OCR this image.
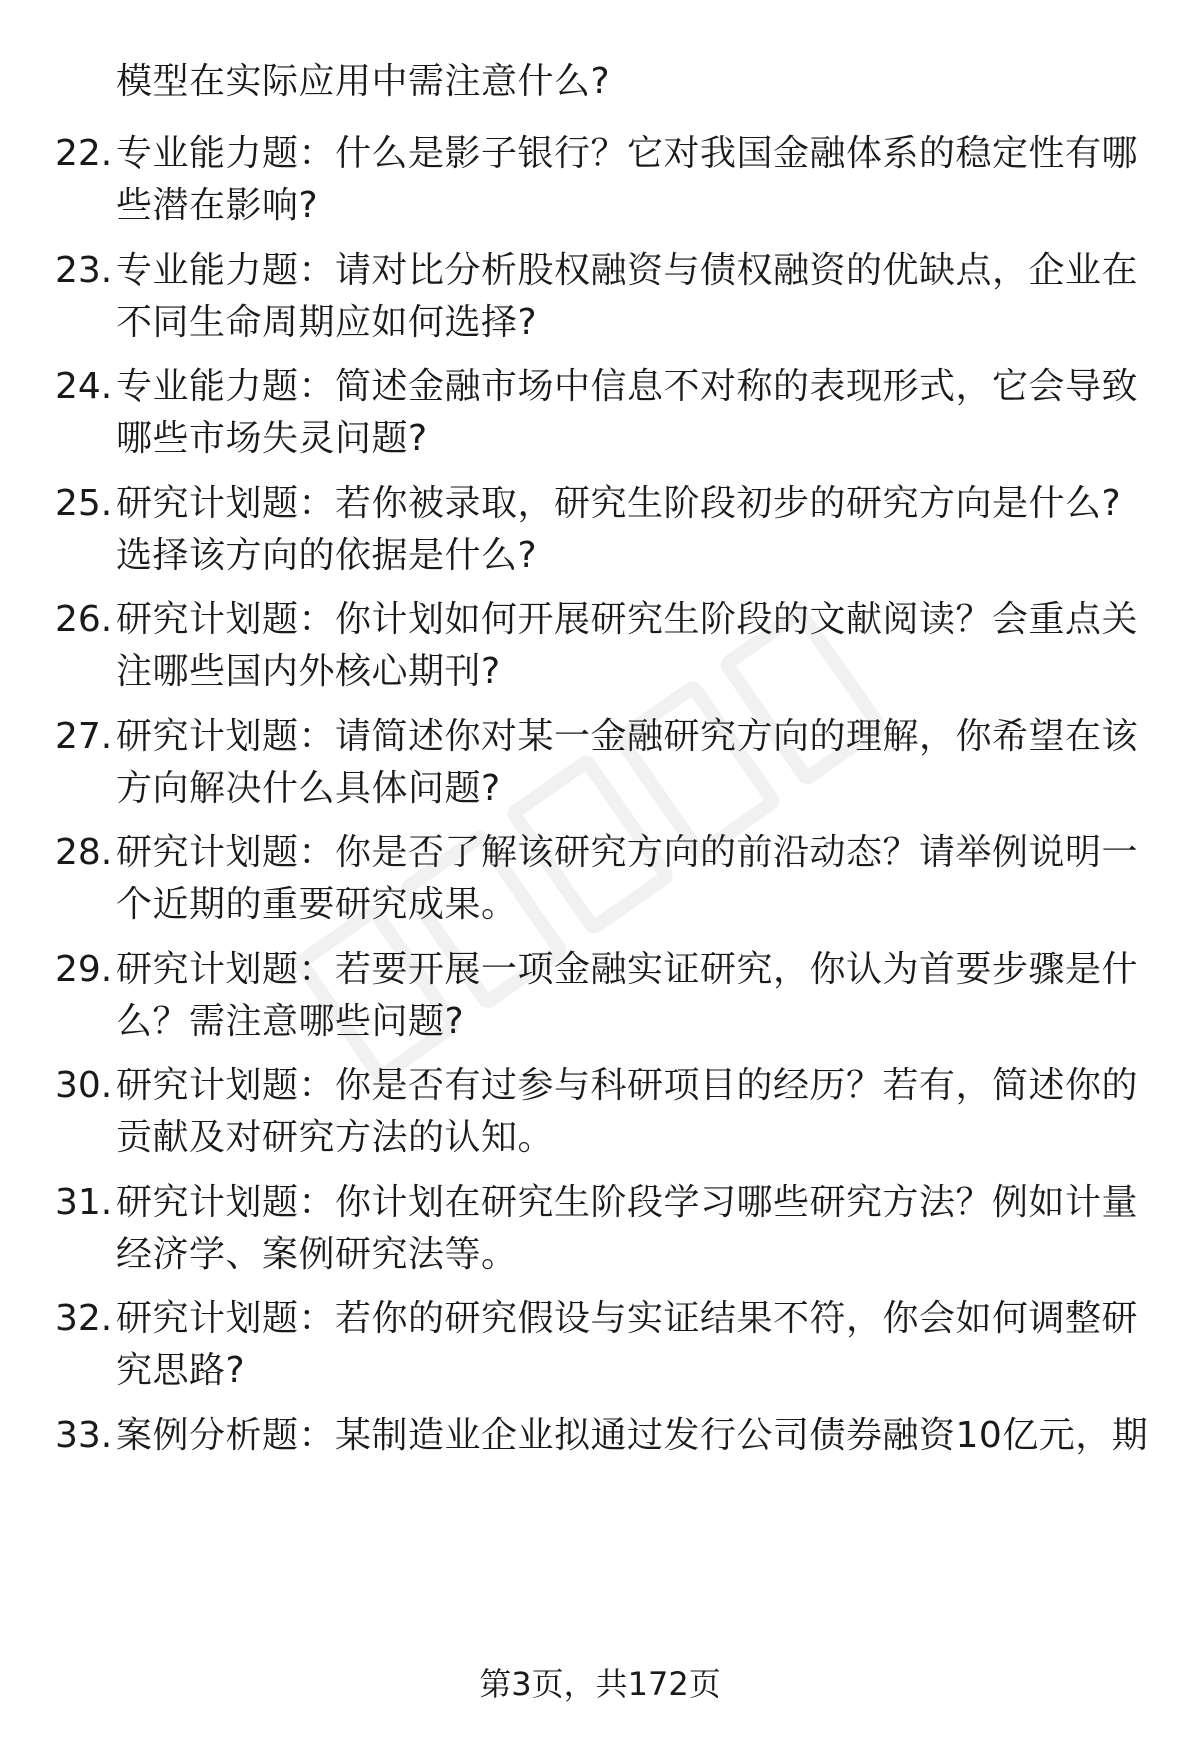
模型在实际应用中需注意什么?
22. 专业能力题：什么是影子银行？它对我国金融体系的稳定性有哪
些潜在影响?
23. 专业能力题：请对比分析股权融资与债权融资的优缺点，企业在
不同生命周期应如何选择?
24. 专业能力题：简述金融市场中信息不对称的表现形式，它会导致
哪些市场失灵问题?
25. 研究计划题：若你被录取，研究生阶段初步的研究方向是什么?
选择该方向的依据是什么?
26. 研究计划题：你计划如何开展研究生阶段的文献阅读？会重点关
注哪些国内外核心期刊?
27. 研究计划题：请简述你对某一金融研究方向的理解，你希望在该
方向解决什么具体问题?
28. 研究计划题：你是否了解该研究方向的前沿动态？请举例说明一
个近期的重要研究成果。
29. 研究计划题：若要开展一项金融实证研究，你认为首要步骤是什
么？需注意哪些问题?
30. 研究计划题：你是否有过参与科研项目的经历？若有，简述你的
贡献及对研究方法的认知。
31. 研究计划题：你计划在研究生阶段学习哪些研究方法？例如计量
经济学、案例研究法等。
32. 研究计划题：若你的研究假设与实证结果不符，你会如何调整研
究思路?
33. 案例分析题：某制造业企业拟通过发行公司债券融资10亿元，期
第3页，共172页
